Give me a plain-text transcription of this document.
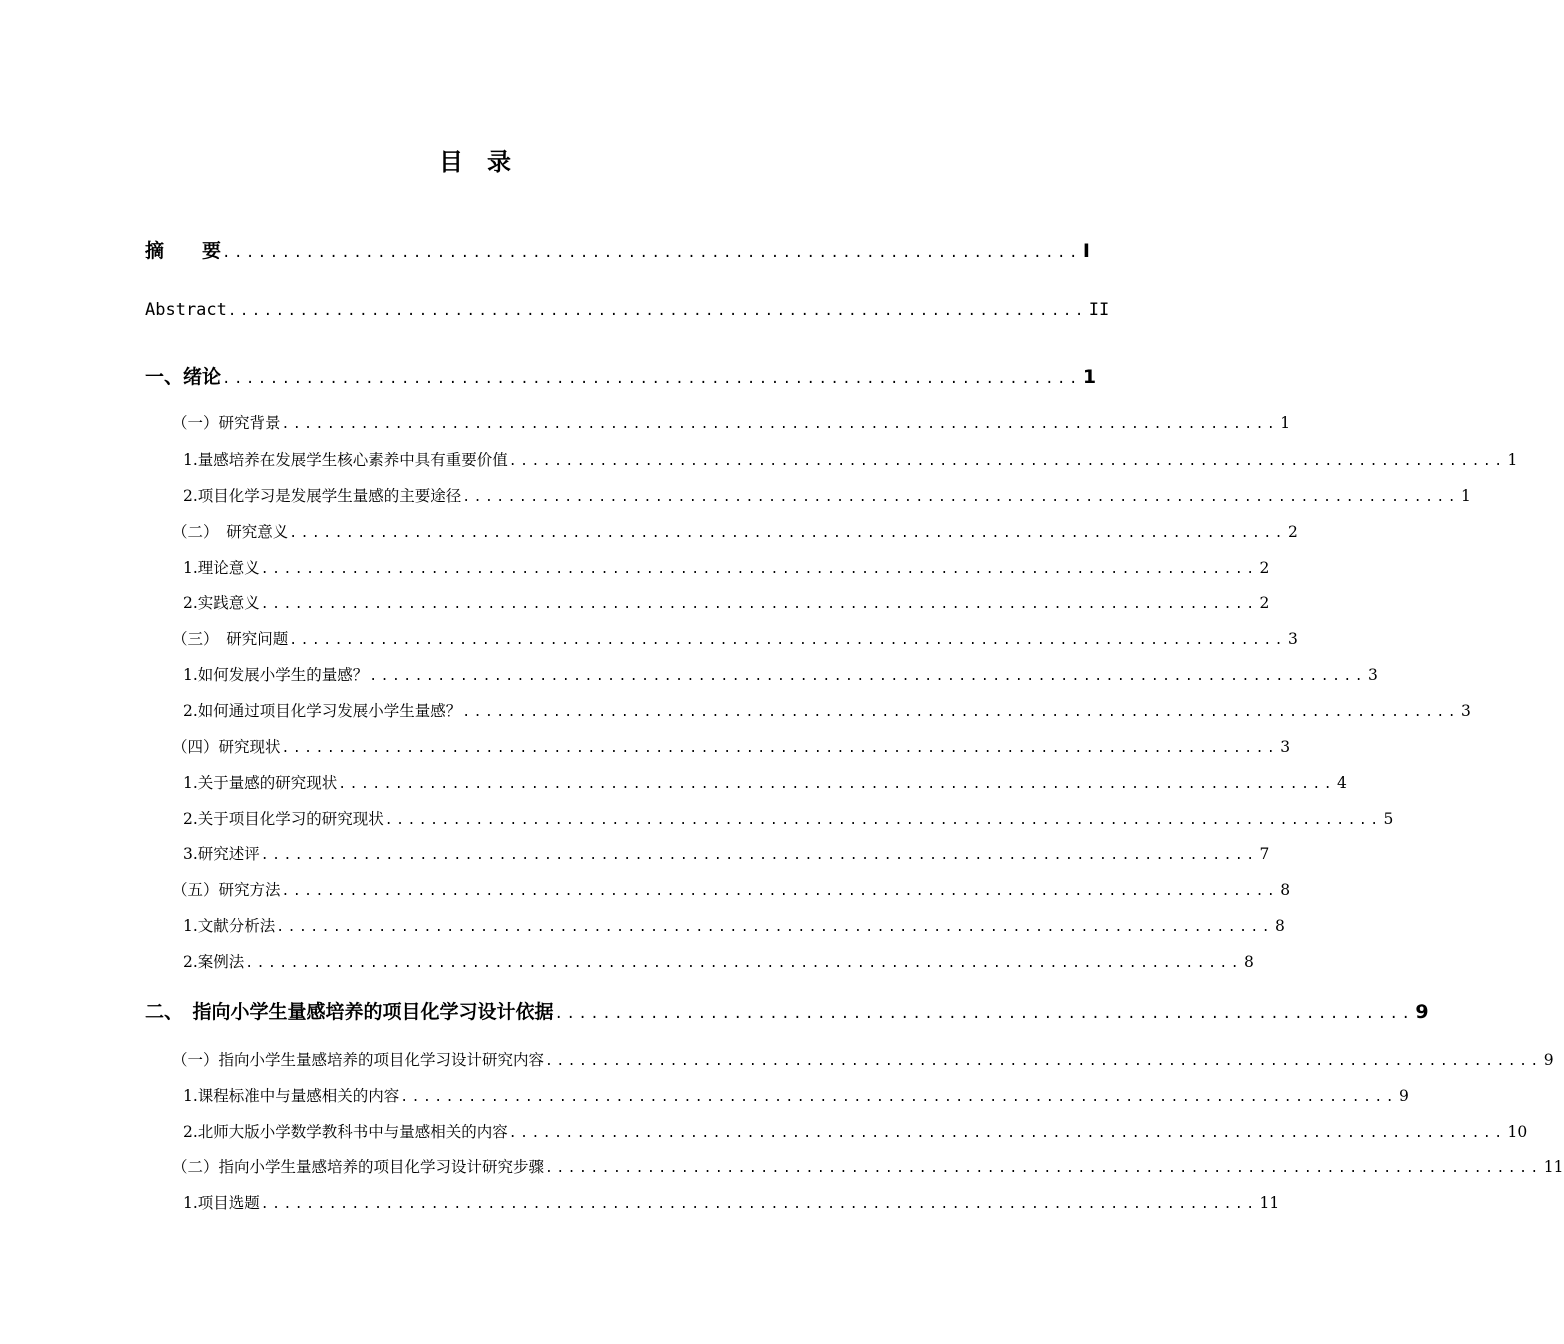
目　录
摘　　要 ........................................................................ I
Abstract ........................................................................ II
一、绪论 ........................................................................ 1
（一）研究背景 ........................................................................................ 1
1.量感培养在发展学生核心素养中具有重要价值 ........................................................................................ 1
2.项目化学习是发展学生量感的主要途径 ........................................................................................ 1
（二）　研究意义 ........................................................................................ 2
1.理论意义 ........................................................................................ 2
2.实践意义 ........................................................................................ 2
（三）　研究问题 ........................................................................................ 3
1.如何发展小学生的量感？ ........................................................................................ 3
2.如何通过项目化学习发展小学生量感？ ........................................................................................ 3
（四）研究现状 ........................................................................................ 3
1.关于量感的研究现状 ........................................................................................ 4
2.关于项目化学习的研究现状 ........................................................................................ 5
3.研究述评 ........................................................................................ 7
（五）研究方法 ........................................................................................ 8
1.文献分析法 ........................................................................................ 8
2.案例法 ........................................................................................ 8
二、　指向小学生量感培养的项目化学习设计依据 ........................................................................ 9
（一）指向小学生量感培养的项目化学习设计研究内容 ........................................................................................ 9
1.课程标准中与量感相关的内容 ........................................................................................ 9
2.北师大版小学数学教科书中与量感相关的内容 ........................................................................................ 10
（二）指向小学生量感培养的项目化学习设计研究步骤 ........................................................................................ 11
1.项目选题 ........................................................................................ 11
